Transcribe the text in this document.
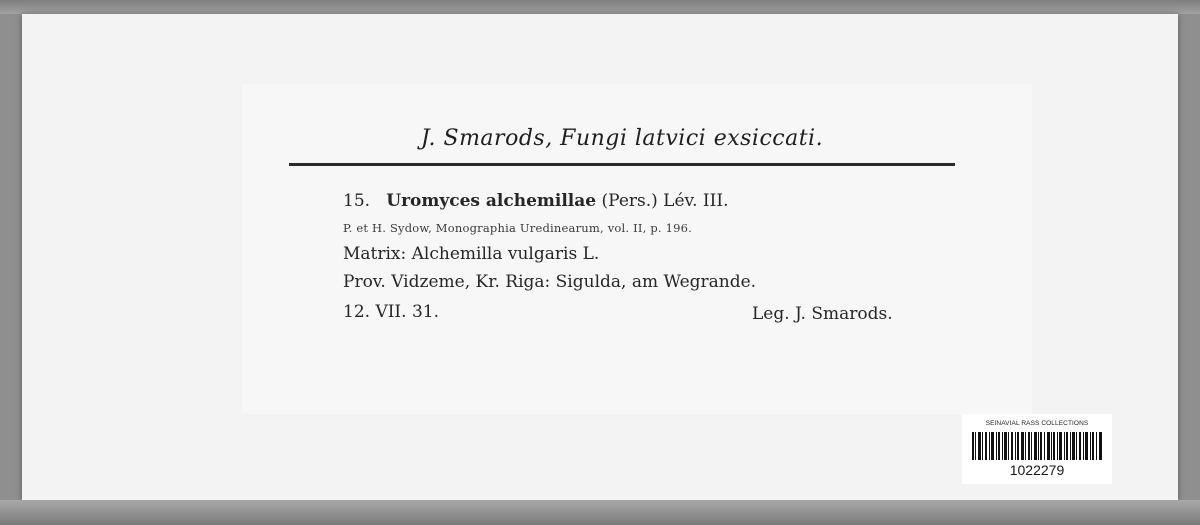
J. Smarods, Fungi latvici exsiccati.
15. Uromyces alchemillae (Pers.) Lév. III.
P. et H. Sydow, Monographia Uredinearum, vol. II, p. 196.
Matrix: Alchemilla vulgaris L.
Prov. Vidzeme, Kr. Riga: Sigulda, am Wegrande.
12. VII. 31.	Leg. J. Smarods.
SEINAVIAL RASS COLLECTIONS
1022279
